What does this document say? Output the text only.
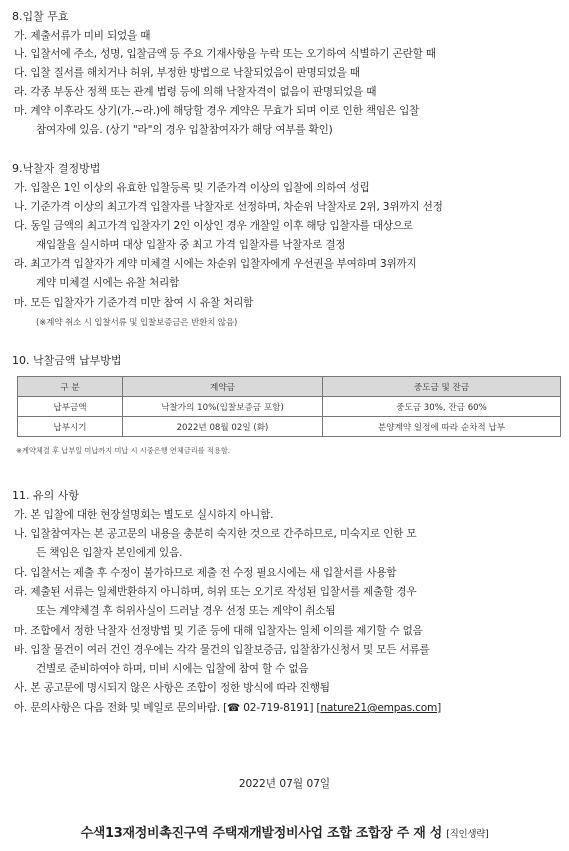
8.입찰 무효
가. 제출서류가 미비 되었을 때
나. 입찰서에 주소, 성명, 입찰금액 등 주요 기재사항을 누락 또는 오기하여 식별하기 곤란할 때
다. 입찰 질서를 해치거나 허위, 부정한 방법으로 낙찰되었음이 판명되었을 때
라. 각종 부동산 정책 또는 관계 법령 등에 의해 낙찰자격이 없음이 판명되었을 때
마. 계약 이후라도 상기(가.~라.)에 해당할 경우 계약은 무효가 되며 이로 인한 책임은 입찰
참여자에 있음. (상기 "라"의 경우 입찰참여자가 해당 여부를 확인)
9.낙찰자 결정방법
가. 입찰은 1인 이상의 유효한 입찰등록 및 기준가격 이상의 입찰에 의하여 성립
나. 기준가격 이상의 최고가격 입찰자를 낙찰자로 선정하며, 차순위 낙찰자로 2위, 3위까지 선정
다. 동일 금액의 최고가격 입찰자기 2인 이상인 경우 개찰일 이후 해당 입찰자를 대상으로
재입찰을 실시하며 대상 입찰자 중 최고 가격 입찰자를 낙찰자로 결정
라. 최고가격 입찰자가 계약 미체결 시에는 차순위 입찰자에게 우선권을 부여하며 3위까지
계약 미체결 시에는 유찰 처리함
마. 모든 입찰자가 기준가격 미만 참여 시 유찰 처리함
(※계약 취소 시 입찰서류 및 입찰보증금은 반환치 않음)
10. 낙찰금액 납부방법
구 분	계약금	중도금 및 잔금
납부금액	낙찰가의 10%(입찰보증금 포함)	중도금 30%, 잔금 60%
납부시기	2022년 08월 02일 (화)	분양계약 일정에 따라 순차적 납부
※계약체결 후 납부일 미납까지 미납 시 시중은행 연체금리를 적용함.
11. 유의 사항
가. 본 입찰에 대한 현장설명회는 별도로 실시하지 아니함.
나. 입찰참여자는 본 공고문의 내용을 충분히 숙지한 것으로 간주하므로, 미숙지로 인한 모
든 책임은 입찰자 본인에게 있음.
다. 입찰서는 제출 후 수정이 불가하므로 제출 전 수정 필요시에는 새 입찰서를 사용함
라. 제출된 서류는 일체반환하지 아니하며, 허위 또는 오기로 작성된 입찰서를 제출할 경우
또는 계약체결 후 허위사실이 드러날 경우 선정 또는 계약이 취소됨
마. 조합에서 정한 낙찰자 선정방법 및 기준 등에 대해 입찰자는 일체 이의를 제기할 수 없음
바. 입찰 물건이 여러 건인 경우에는 각각 물건의 입찰보증금, 입찰참가신청서 및 모든 서류를
건별로 준비하여야 하며, 미비 시에는 입찰에 참여 할 수 없음
사. 본 공고문에 명시되지 않은 사항은 조합이 정한 방식에 따라 진행됨
아. 문의사항은 다음 전화 및 메일로 문의바람. [☎ 02-719-8191] [nature21@empas.com]
2022년 07월 07일
수색13재정비촉진구역 주택재개발정비사업 조합 조합장 주 재 성 [직인생략]
